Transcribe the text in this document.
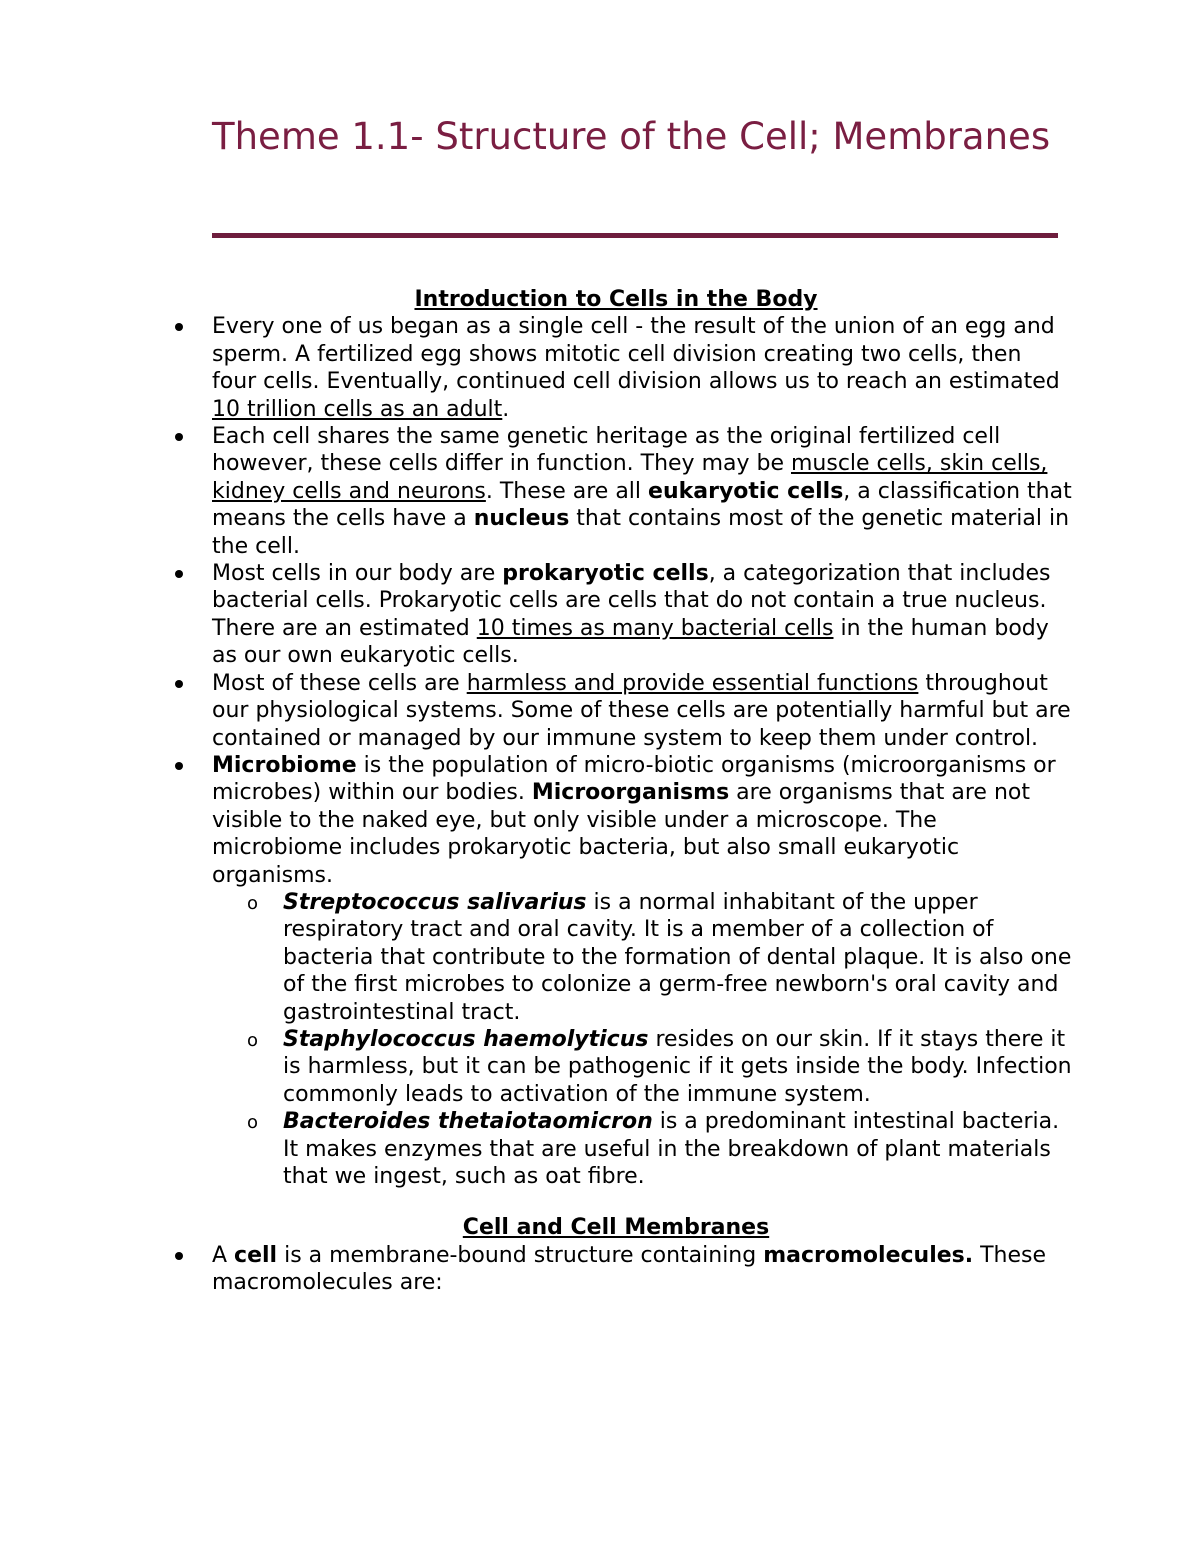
Theme 1.1- Structure of the Cell; Membranes

Introduction to Cells in the Body

Every one of us began as a single cell - the result of the union of an egg and sperm. A fertilized egg shows mitotic cell division creating two cells, then four cells. Eventually, continued cell division allows us to reach an estimated 10 trillion cells as an adult.
Each cell shares the same genetic heritage as the original fertilized cell however, these cells differ in function. They may be muscle cells, skin cells, kidney cells and neurons. These are all eukaryotic cells, a classification that means the cells have a nucleus that contains most of the genetic material in the cell.
Most cells in our body are prokaryotic cells, a categorization that includes bacterial cells. Prokaryotic cells are cells that do not contain a true nucleus. There are an estimated 10 times as many bacterial cells in the human body as our own eukaryotic cells.
Most of these cells are harmless and provide essential functions throughout our physiological systems. Some of these cells are potentially harmful but are contained or managed by our immune system to keep them under control.
Microbiome is the population of micro-biotic organisms (microorganisms or microbes) within our bodies. Microorganisms are organisms that are not visible to the naked eye, but only visible under a microscope. The microbiome includes prokaryotic bacteria, but also small eukaryotic organisms.
o Streptococcus salivarius is a normal inhabitant of the upper respiratory tract and oral cavity. It is a member of a collection of bacteria that contribute to the formation of dental plaque. It is also one of the first microbes to colonize a germ-free newborn's oral cavity and gastrointestinal tract.
o Staphylococcus haemolyticus resides on our skin. If it stays there it is harmless, but it can be pathogenic if it gets inside the body. Infection commonly leads to activation of the immune system.
o Bacteroides thetaiotaomicron is a predominant intestinal bacteria. It makes enzymes that are useful in the breakdown of plant materials that we ingest, such as oat fibre.

Cell and Cell Membranes

A cell is a membrane-bound structure containing macromolecules. These macromolecules are:
